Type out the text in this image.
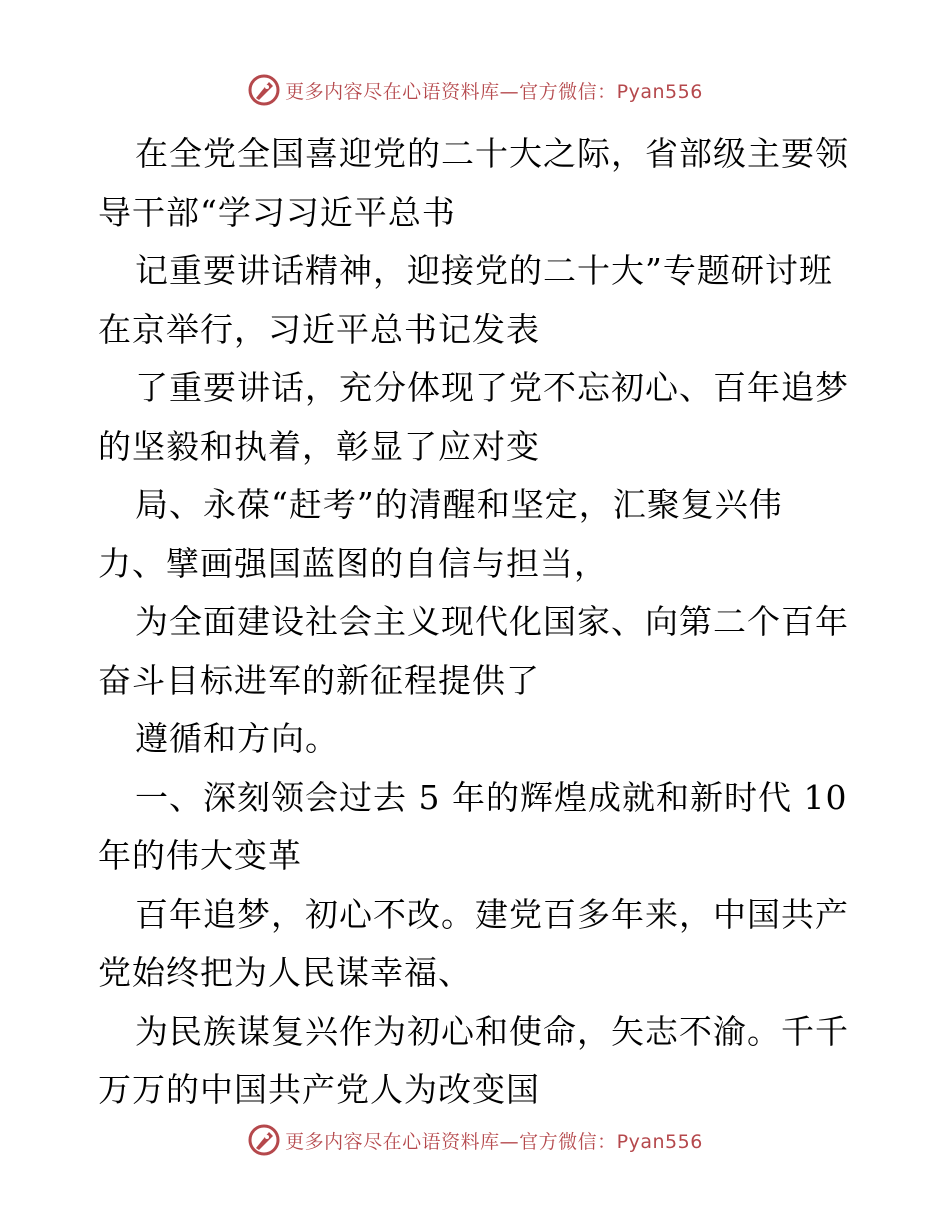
更多内容尽在心语资料库—官方微信：Pyan556
在全党全国喜迎党的二十大之际，省部级主要领
导干部“学习习近平总书
记重要讲话精神，迎接党的二十大”专题研讨班
在京举行，习近平总书记发表
了重要讲话，充分体现了党不忘初心、百年追梦
的坚毅和执着，彰显了应对变
局、永葆“赶考”的清醒和坚定，汇聚复兴伟
力、擘画强国蓝图的自信与担当，
为全面建设社会主义现代化国家、向第二个百年
奋斗目标进军的新征程提供了
遵循和方向。
一、深刻领会过去 5 年的辉煌成就和新时代 10
年的伟大变革
百年追梦，初心不改。建党百多年来，中国共产
党始终把为人民谋幸福、
为民族谋复兴作为初心和使命，矢志不渝。千千
万万的中国共产党人为改变国
更多内容尽在心语资料库—官方微信：Pyan556
